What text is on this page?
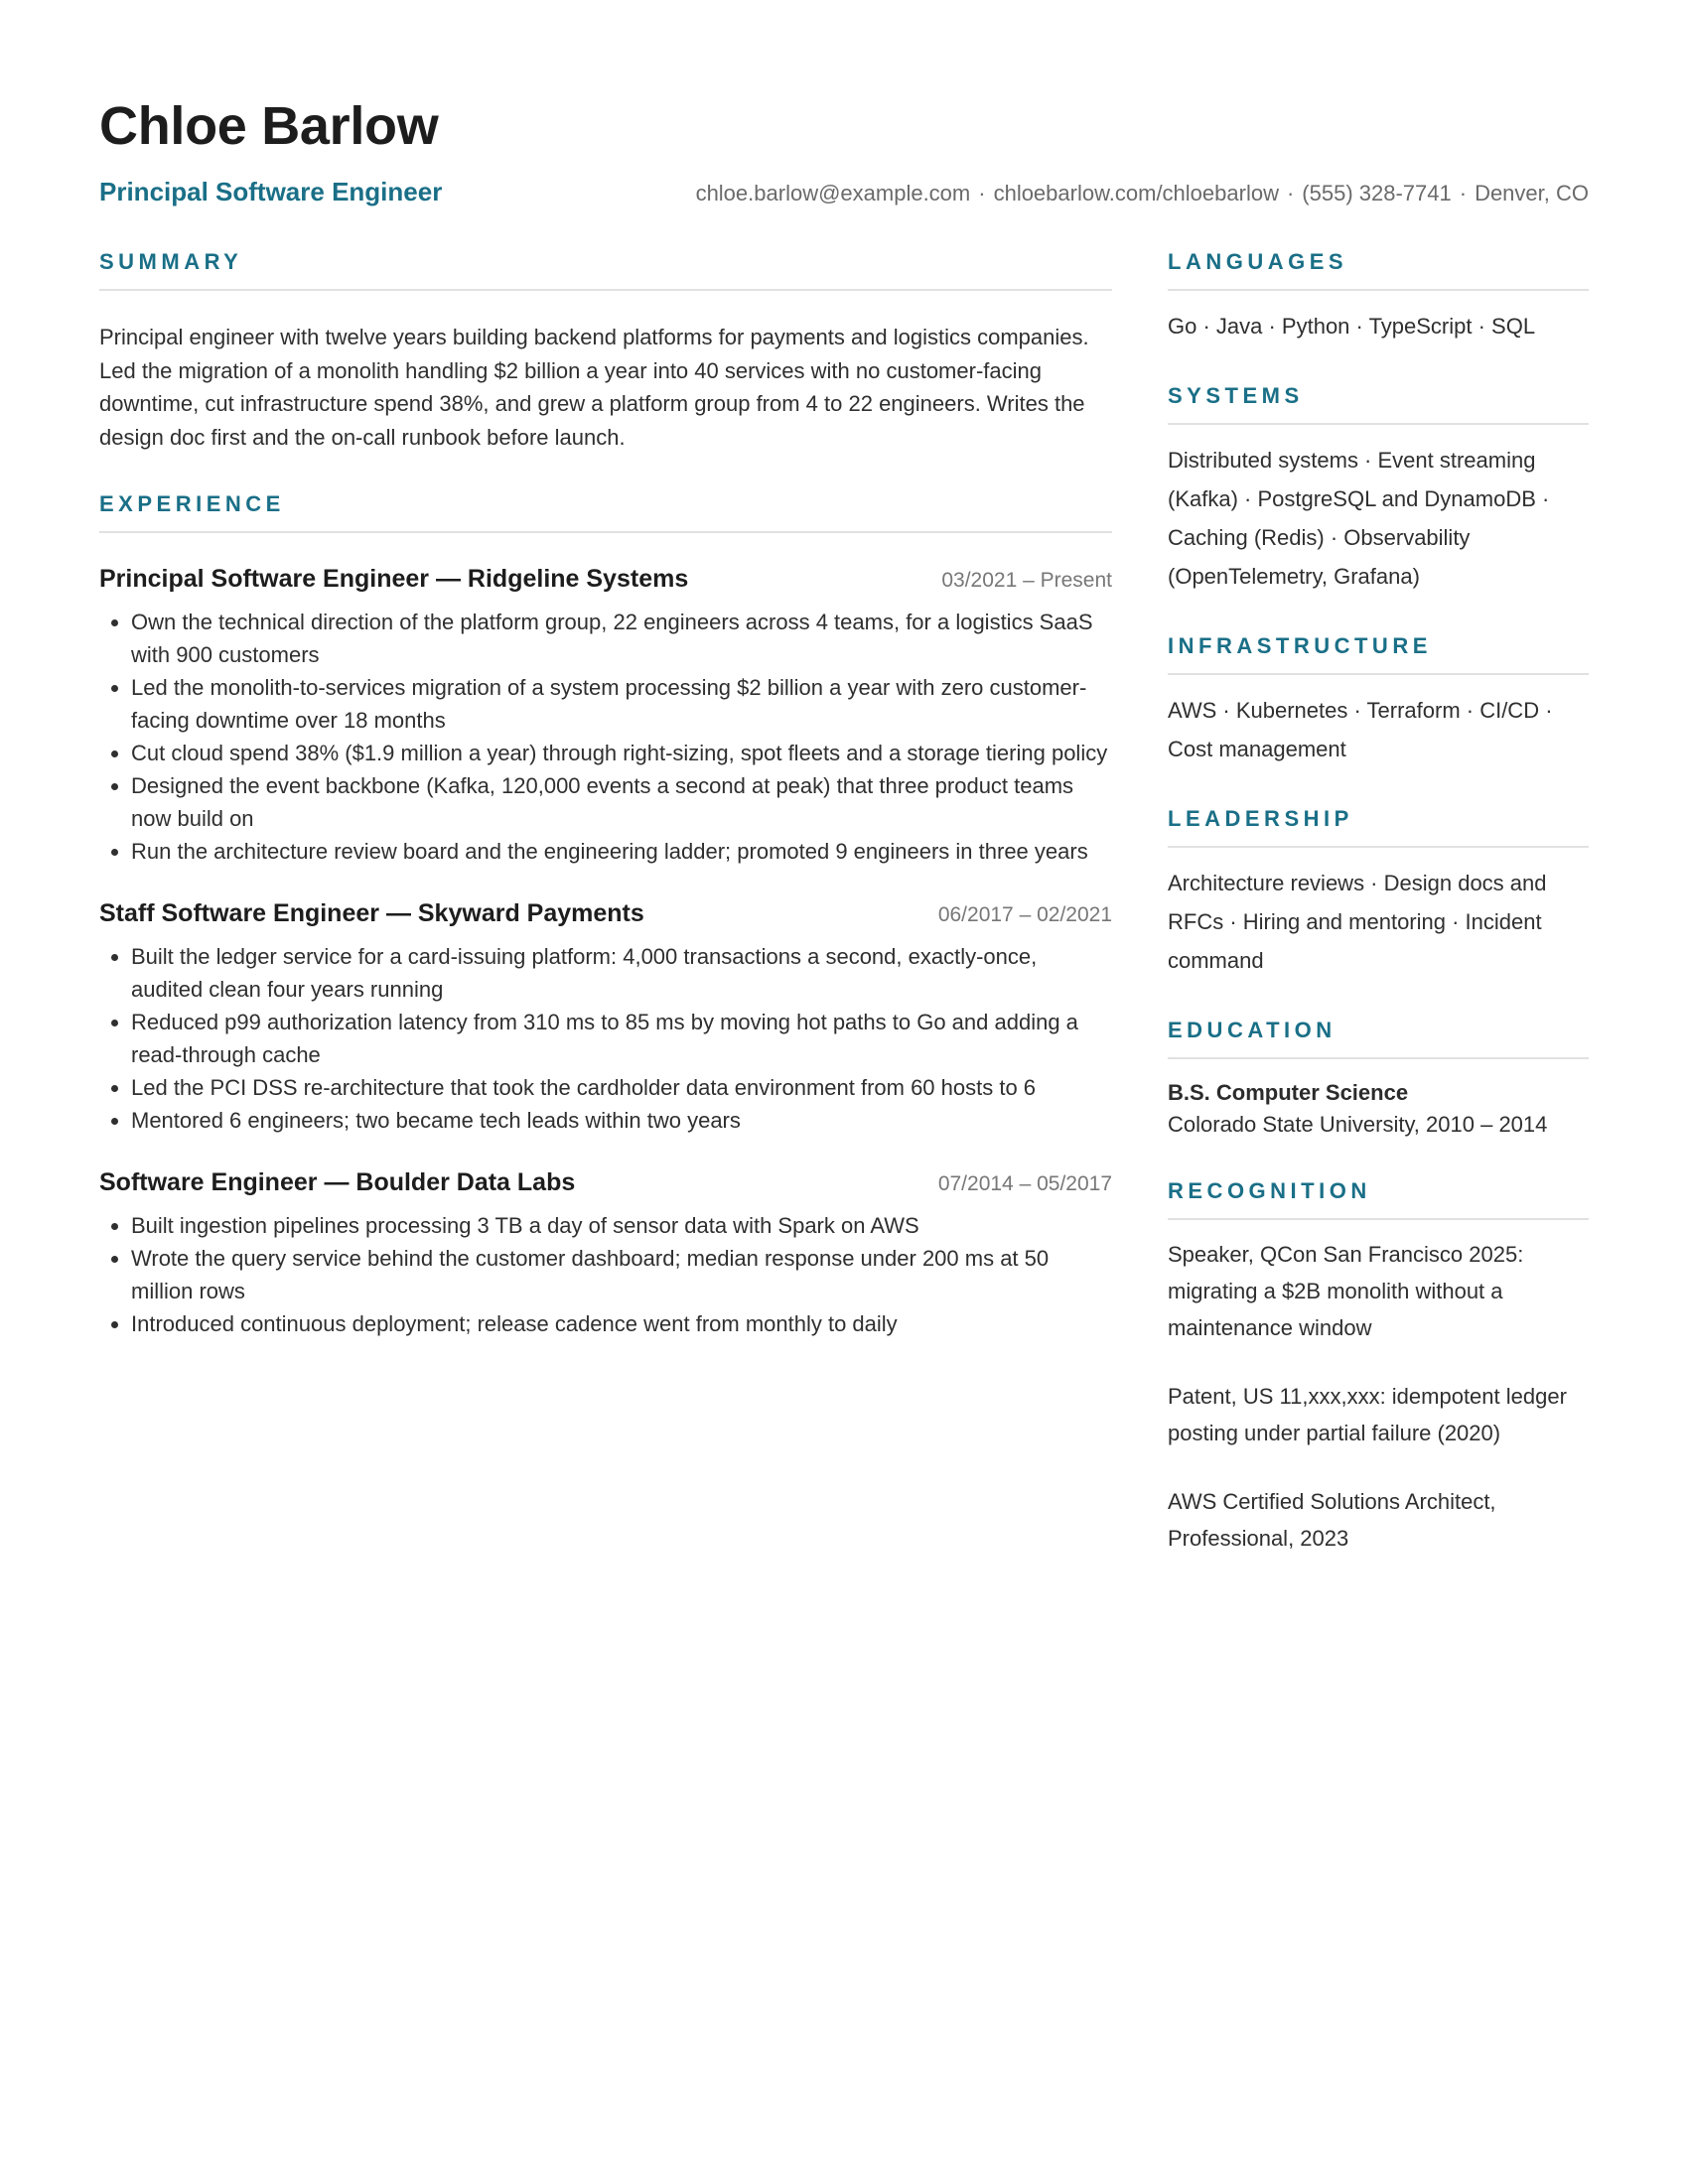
Chloe Barlow
Principal Software Engineer	chloe.barlow@example.com · chloebarlow.com/chloebarlow · (555) 328-7741 · Denver, CO
SUMMARY

Principal engineer with twelve years building backend platforms for payments and logistics companies. Led the migration of a monolith handling $2 billion a year into 40 services with no customer-facing downtime, cut infrastructure spend 38%, and grew a platform group from 4 to 22 engineers. Writes the design doc first and the on-call runbook before launch.

EXPERIENCE
Principal Software Engineer — Ridgeline Systems	03/2021 – Present
• Own the technical direction of the platform group, 22 engineers across 4 teams, for a logistics SaaS with 900 customers
• Led the monolith-to-services migration of a system processing $2 billion a year with zero customer-facing downtime over 18 months
• Cut cloud spend 38% ($1.9 million a year) through right-sizing, spot fleets and a storage tiering policy
• Designed the event backbone (Kafka, 120,000 events a second at peak) that three product teams now build on
• Run the architecture review board and the engineering ladder; promoted 9 engineers in three years
Staff Software Engineer — Skyward Payments	06/2017 – 02/2021
• Built the ledger service for a card-issuing platform: 4,000 transactions a second, exactly-once, audited clean four years running
• Reduced p99 authorization latency from 310 ms to 85 ms by moving hot paths to Go and adding a read-through cache
• Led the PCI DSS re-architecture that took the cardholder data environment from 60 hosts to 6
• Mentored 6 engineers; two became tech leads within two years
Software Engineer — Boulder Data Labs	07/2014 – 05/2017
• Built ingestion pipelines processing 3 TB a day of sensor data with Spark on AWS
• Wrote the query service behind the customer dashboard; median response under 200 ms at 50 million rows
• Introduced continuous deployment; release cadence went from monthly to daily
LANGUAGES

Go · Java · Python · TypeScript · SQL

SYSTEMS

Distributed systems · Event streaming (Kafka) · PostgreSQL and DynamoDB · Caching (Redis) · Observability (OpenTelemetry, Grafana)

INFRASTRUCTURE

AWS · Kubernetes · Terraform · CI/CD · Cost management

LEADERSHIP

Architecture reviews · Design docs and RFCs · Hiring and mentoring · Incident command

EDUCATION
B.S. Computer Science
Colorado State University, 2010 – 2014
RECOGNITION

Speaker, QCon San Francisco 2025: migrating a $2B monolith without a maintenance window

Patent, US 11,xxx,xxx: idempotent ledger posting under partial failure (2020)

AWS Certified Solutions Architect, Professional, 2023
